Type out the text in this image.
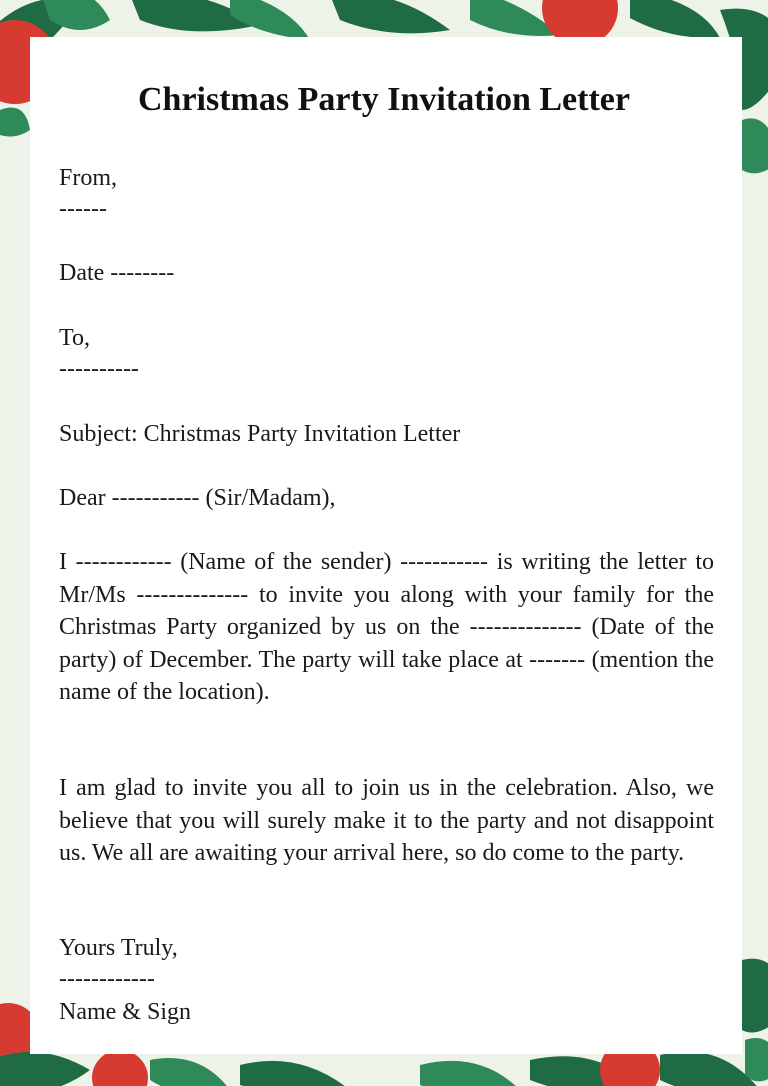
Christmas Party Invitation Letter

From,

------

Date --------

To,

----------

Subject: Christmas Party Invitation Letter

Dear ----------- (Sir/Madam),

I ------------ (Name of the sender) ----------- is writing the letter to Mr/Ms -------------- to invite you along with your family for the Christmas Party organized by us on the -------------- (Date of the party) of December. The party will take place at ------- (mention the name of the location).

I am glad to invite you all to join us in the celebration. Also, we believe that you will surely make it to the party and not disappoint us. We all are awaiting your arrival here, so do come to the party.

Yours Truly,

------------

Name & Sign
